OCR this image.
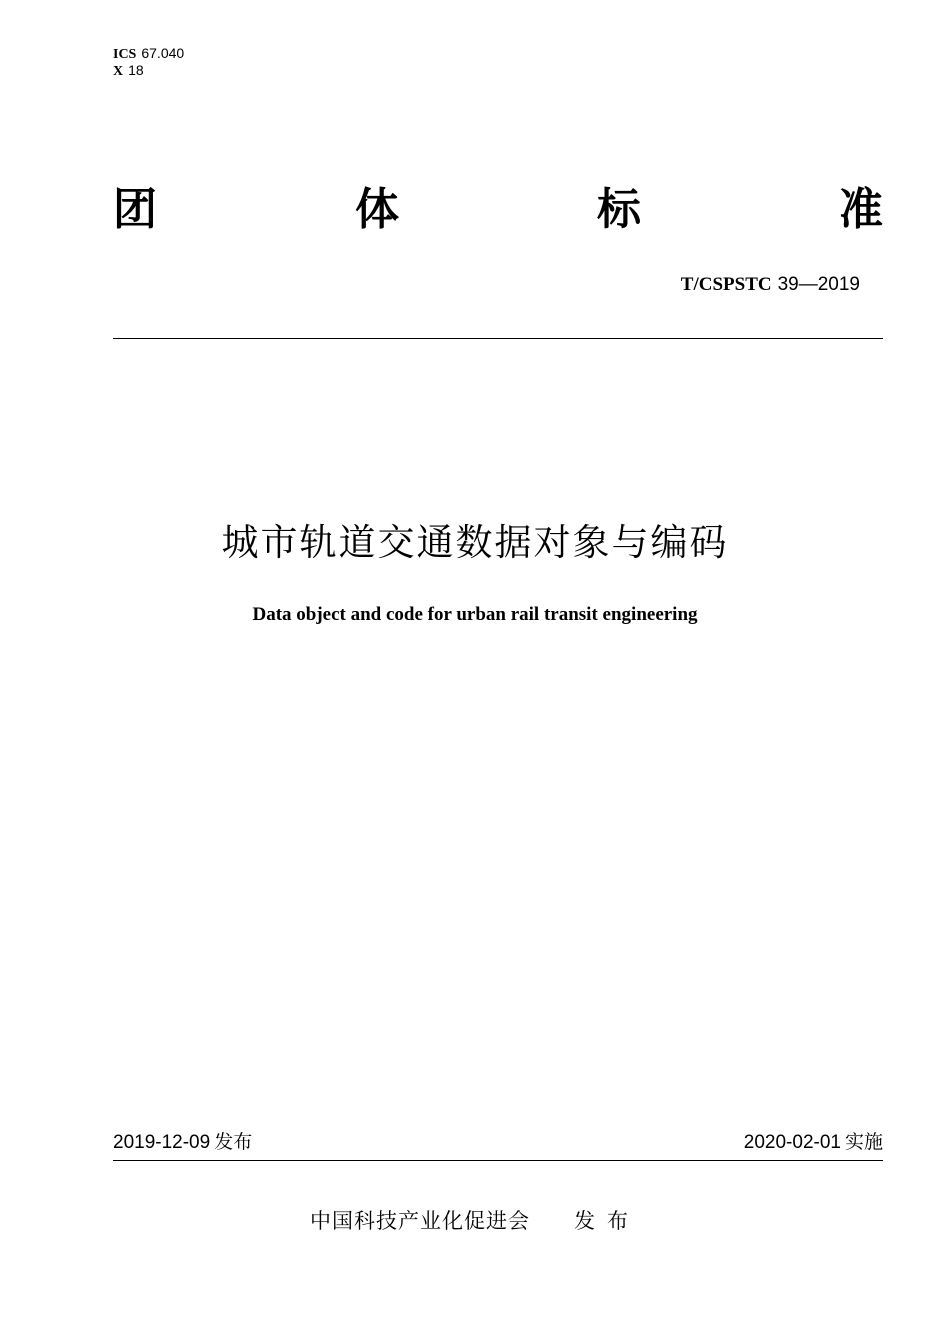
ICS 67.040
X 18
团	体	标	准
T/CSPSTC 39—2019
城市轨道交通数据对象与编码
Data object and code for urban rail transit engineering
2019-12-09 发布	2020-02-01 实施
中国科技产业化促进会 发布
